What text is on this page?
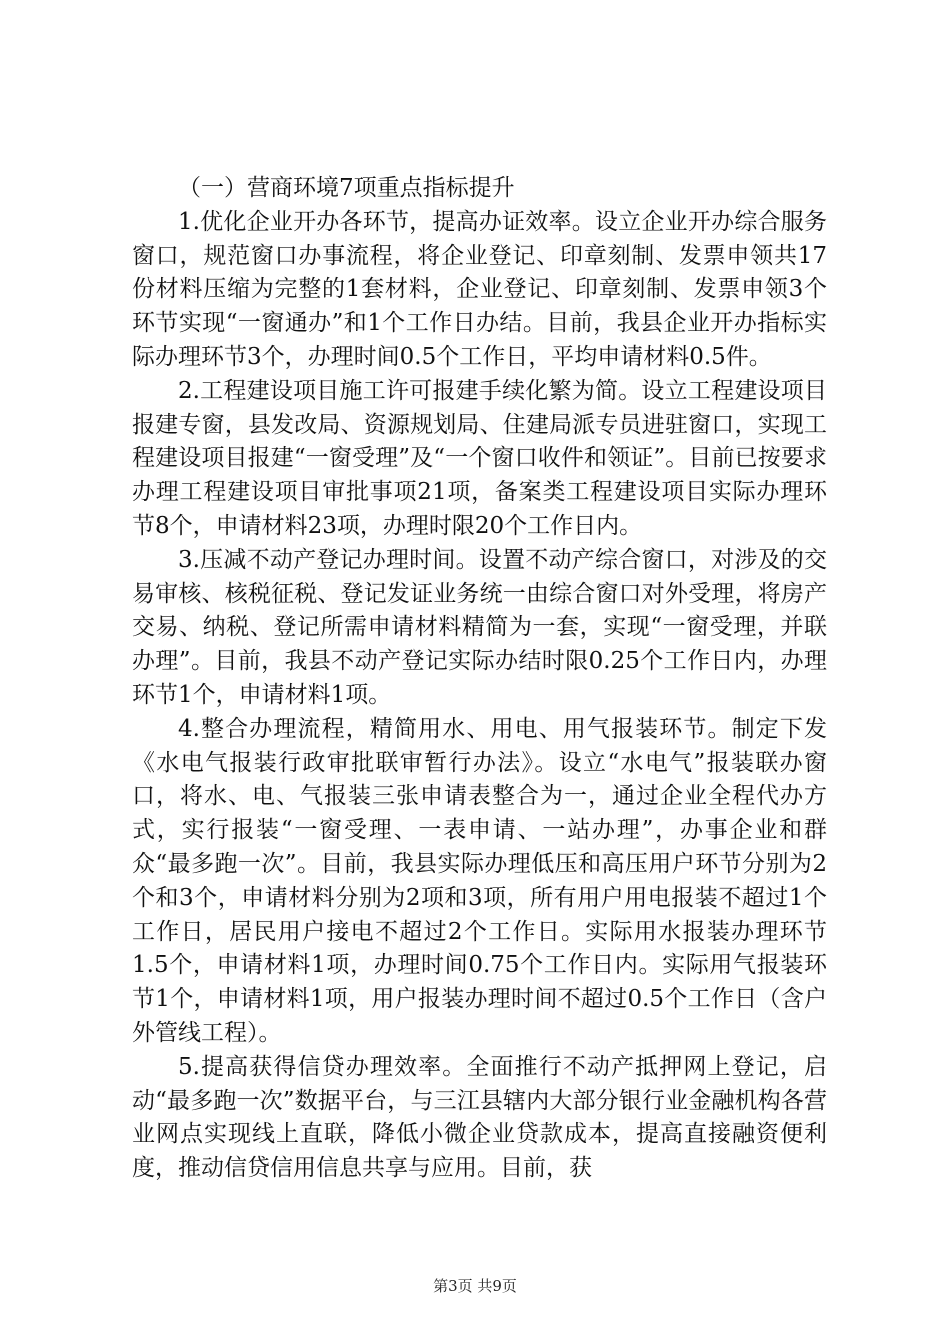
（一）营商环境7项重点指标提升

1.优化企业开办各环节，提高办证效率。设立企业开办综合服务窗口，规范窗口办事流程，将企业登记、印章刻制、发票申领共17份材料压缩为完整的1套材料，企业登记、印章刻制、发票申领3个环节实现“一窗通办”和1个工作日办结。目前，我县企业开办指标实际办理环节3个，办理时间0.5个工作日，平均申请材料0.5件。

2.工程建设项目施工许可报建手续化繁为简。设立工程建设项目报建专窗，县发改局、资源规划局、住建局派专员进驻窗口，实现工程建设项目报建“一窗受理”及“一个窗口收件和领证”。目前已按要求办理工程建设项目审批事项21项，备案类工程建设项目实际办理环节8个，申请材料23项，办理时限20个工作日内。

3.压减不动产登记办理时间。设置不动产综合窗口，对涉及的交易审核、核税征税、登记发证业务统一由综合窗口对外受理，将房产交易、纳税、登记所需申请材料精简为一套，实现“一窗受理，并联办理”。目前，我县不动产登记实际办结时限0.25个工作日内，办理环节1个，申请材料1项。

4.整合办理流程，精简用水、用电、用气报装环节。制定下发《水电气报装行政审批联审暂行办法》。设立“水电气”报装联办窗口，将水、电、气报装三张申请表整合为一，通过企业全程代办方式，实行报装“一窗受理、一表申请、一站办理”，办事企业和群众“最多跑一次”。目前，我县实际办理低压和高压用户环节分别为2个和3个，申请材料分别为2项和3项，所有用户用电报装不超过1个工作日，居民用户接电不超过2个工作日。实际用水报装办理环节1.5个，申请材料1项，办理时间0.75个工作日内。实际用气报装环节1个，申请材料1项，用户报装办理时间不超过0.5个工作日（含户外管线工程）。

5.提高获得信贷办理效率。全面推行不动产抵押网上登记，启动“最多跑一次”数据平台，与三江县辖内大部分银行业金融机构各营业网点实现线上直联，降低小微企业贷款成本，提高直接融资便利度，推动信贷信用信息共享与应用。目前，获

第3页 共9页
